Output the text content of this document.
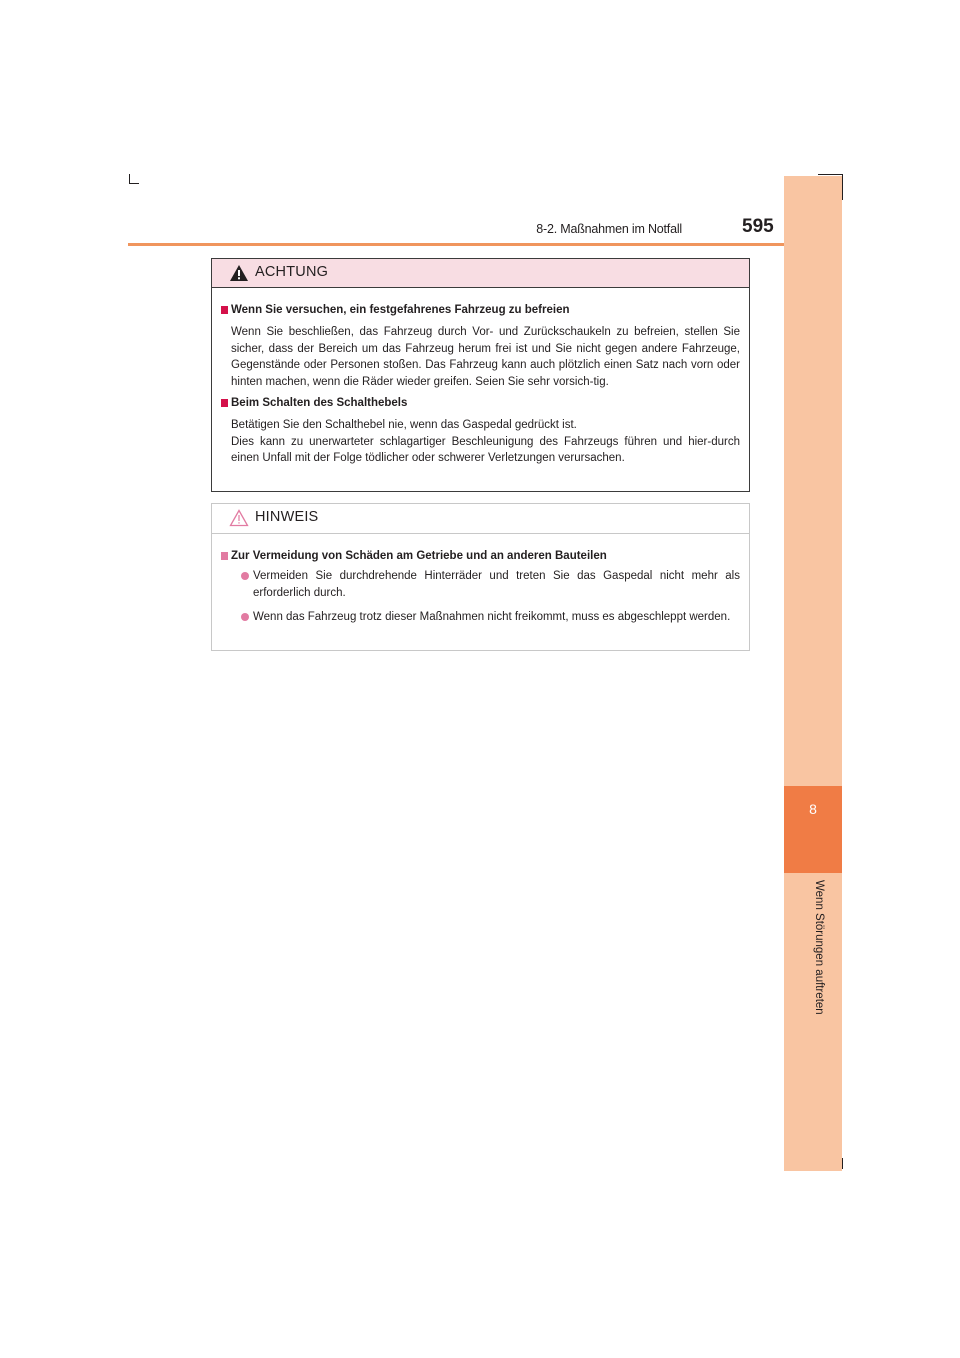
8-2. Maßnahmen im Notfall	595
8
Wenn Störungen auftreten
ACHTUNG
Wenn Sie versuchen, ein festgefahrenes Fahrzeug zu befreien

Wenn Sie beschließen, das Fahrzeug durch Vor- und Zurückschaukeln zu befreien, stellen Sie sicher, dass der Bereich um das Fahrzeug herum frei ist und Sie nicht gegen andere Fahrzeuge, Gegenstände oder Personen stoßen. Das Fahrzeug kann auch plötzlich einen Satz nach vorn oder hinten machen, wenn die Räder wieder greifen. Seien Sie sehr vorsich-tig.

Beim Schalten des Schalthebels

Betätigen Sie den Schalthebel nie, wenn das Gaspedal gedrückt ist.

Dies kann zu unerwarteter schlagartiger Beschleunigung des Fahrzeugs führen und hier-durch einen Unfall mit der Folge tödlicher oder schwerer Verletzungen verursachen.

HINWEIS
Zur Vermeidung von Schäden am Getriebe und an anderen Bauteilen
Vermeiden Sie durchdrehende Hinterräder und treten Sie das Gaspedal nicht mehr als erforderlich durch.
Wenn das Fahrzeug trotz dieser Maßnahmen nicht freikommt, muss es abgeschleppt werden.
